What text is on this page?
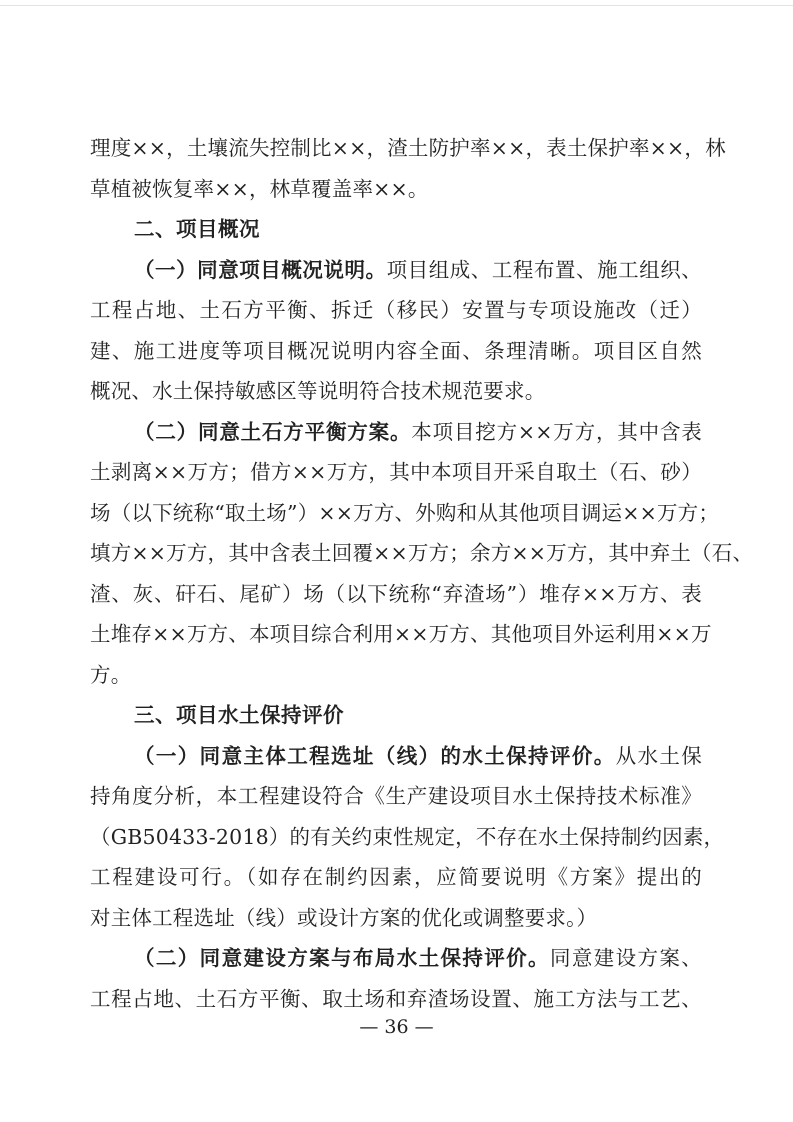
理度××，土壤流失控制比××，渣土防护率××，表土保护率××，林
草植被恢复率××，林草覆盖率××。
二、项目概况
（一）同意项目概况说明。项目组成、工程布置、施工组织、
工程占地、土石方平衡、拆迁（移民）安置与专项设施改（迁）
建、施工进度等项目概况说明内容全面、条理清晰。项目区自然
概况、水土保持敏感区等说明符合技术规范要求。
（二）同意土石方平衡方案。本项目挖方××万方，其中含表
土剥离××万方；借方××万方，其中本项目开采自取土（石、砂）
场（以下统称“取土场”）××万方、外购和从其他项目调运××万方；
填方××万方，其中含表土回覆××万方；余方××万方，其中弃土（石、
渣、灰、矸石、尾矿）场（以下统称“弃渣场”）堆存××万方、表
土堆存××万方、本项目综合利用××万方、其他项目外运利用××万
方。
三、项目水土保持评价
（一）同意主体工程选址（线）的水土保持评价。从水土保
持角度分析，本工程建设符合《生产建设项目水土保持技术标准》
（GB50433-2018）的有关约束性规定，不存在水土保持制约因素，
工程建设可行。（如存在制约因素，应简要说明《方案》提出的
对主体工程选址（线）或设计方案的优化或调整要求。）
（二）同意建设方案与布局水土保持评价。同意建设方案、
工程占地、土石方平衡、取土场和弃渣场设置、施工方法与工艺、
— 36 —
